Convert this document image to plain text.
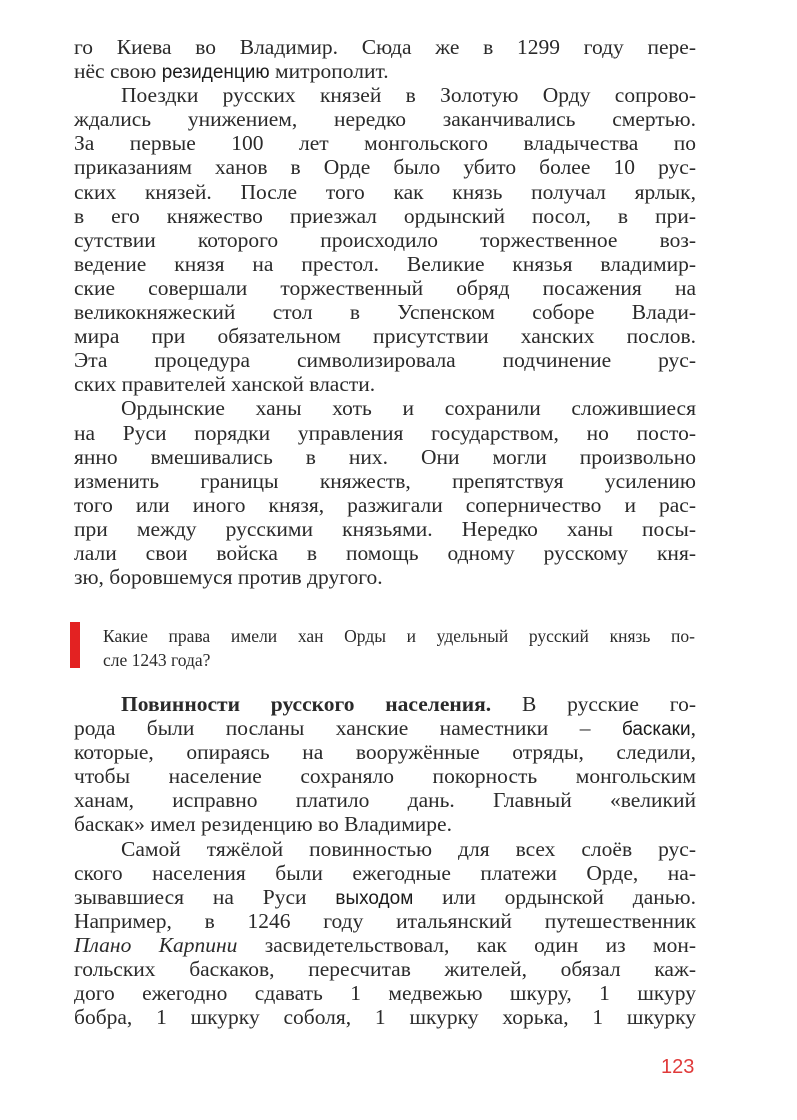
го Киева во Владимир. Сюда же в 1299 году пере-
нёс свою резиденцию митрополит.
Поездки русских князей в Золотую Орду сопрово-
ждались унижением, нередко заканчивались смертью.
За первые 100 лет монгольского владычества по
приказаниям ханов в Орде было убито более 10 рус-
ских князей. После того как князь получал ярлык,
в его княжество приезжал ордынский посол, в при-
сутствии которого происходило торжественное воз-
ведение князя на престол. Великие князья владимир-
ские совершали торжественный обряд посажения на
великокняжеский стол в Успенском соборе Влади-
мира при обязательном присутствии ханских послов.
Эта процедура символизировала подчинение рус-
ских правителей ханской власти.
Ордынские ханы хоть и сохранили сложившиеся
на Руси порядки управления государством, но посто-
янно вмешивались в них. Они могли произвольно
изменить границы княжеств, препятствуя усилению
того или иного князя, разжигали соперничество и рас-
при между русскими князьями. Нередко ханы посы-
лали свои войска в помощь одному русскому кня-
зю, боровшемуся против другого.
Какие права имели хан Орды и удельный русский князь по-
сле 1243 года?
Повинности русского населения. В русские го-
рода были посланы ханские наместники – баскаки,
которые, опираясь на вооружённые отряды, следили,
чтобы население сохраняло покорность монгольским
ханам, исправно платило дань. Главный «великий
баскак» имел резиденцию во Владимире.
Самой тяжёлой повинностью для всех слоёв рус-
ского населения были ежегодные платежи Орде, на-
зывавшиеся на Руси выходом или ордынской данью.
Например, в 1246 году итальянский путешественник
Плано Карпини засвидетельствовал, как один из мон-
гольских баскаков, пересчитав жителей, обязал каж-
дого ежегодно сдавать 1 медвежью шкуру, 1 шкуру
бобра, 1 шкурку соболя, 1 шкурку хорька, 1 шкурку
123
